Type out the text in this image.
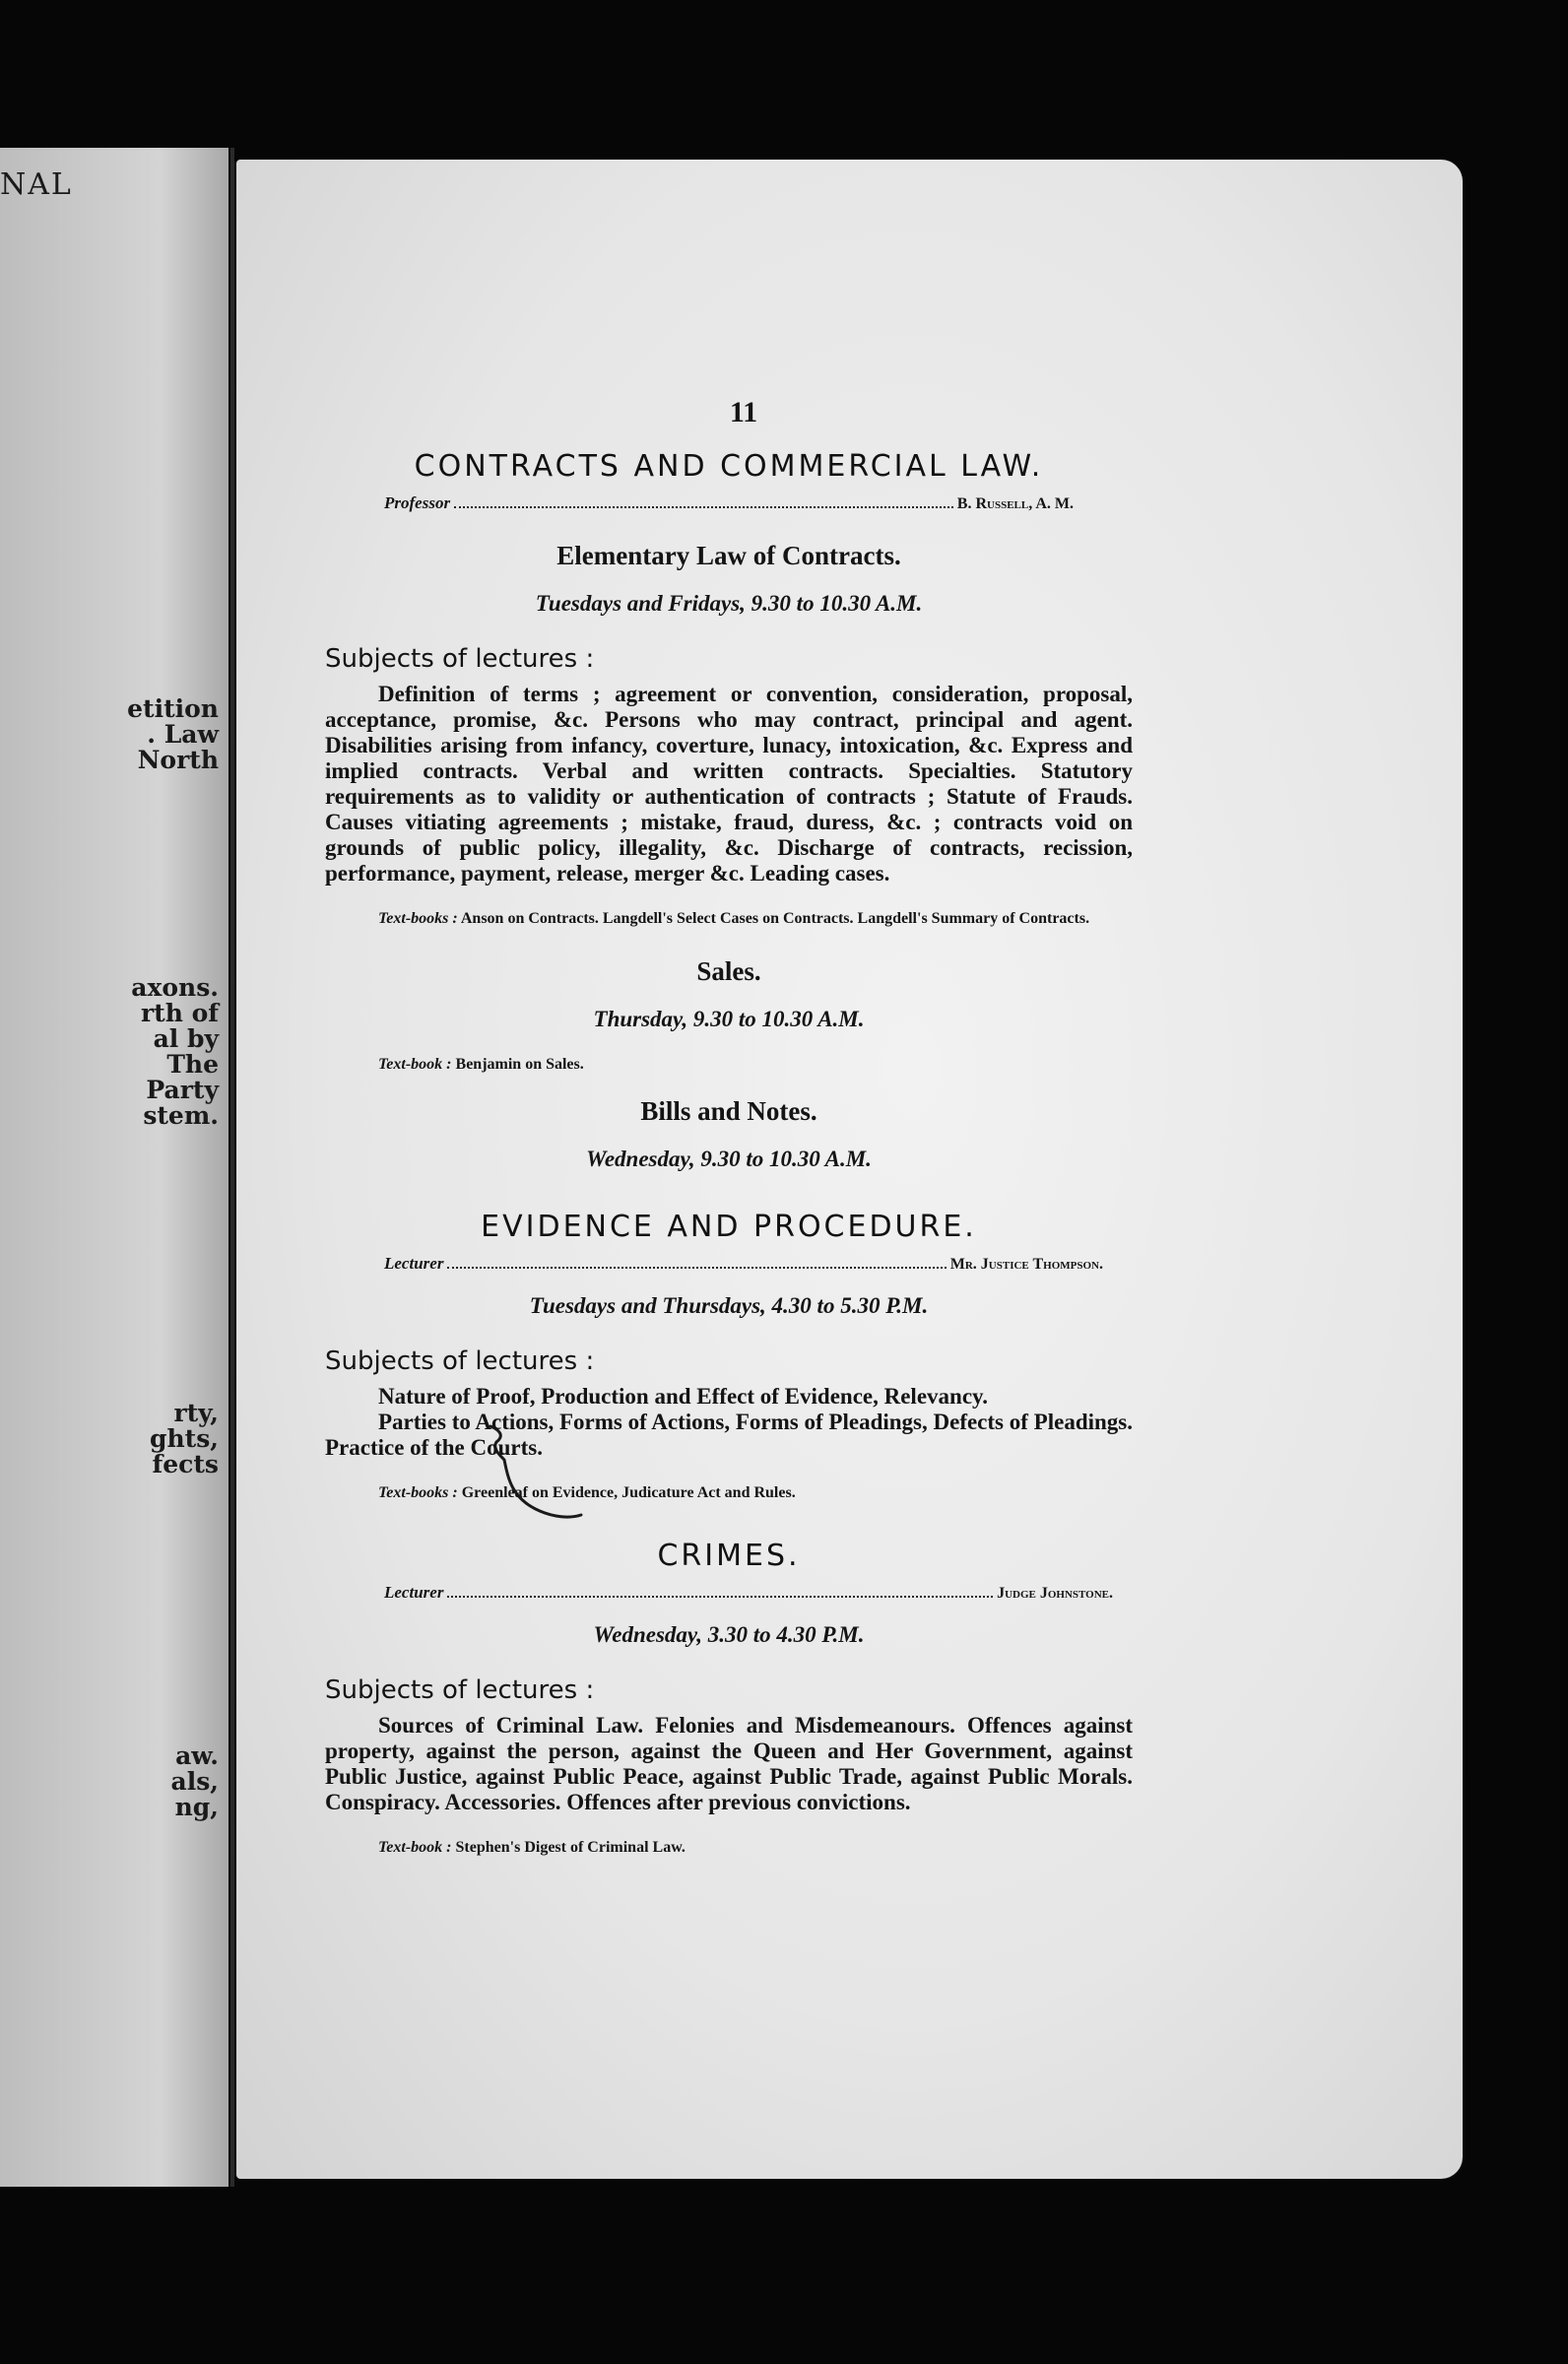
NAL
etition
. Law
North
axons.
rth of
al by
The
Party
stem.
rty,
ghts,
fects
aw.
als,
ng,
11
CONTRACTS AND COMMERCIAL LAW.
Professor	B. Russell, A. M.
Elementary Law of Contracts.
Tuesdays and Fridays, 9.30 to 10.30 A.M.
Subjects of lectures :

Definition of terms ; agreement or convention, consideration, proposal, acceptance, promise, &c. Persons who may contract, principal and agent. Disabilities arising from infancy, coverture, lunacy, intoxication, &c. Express and implied contracts. Verbal and written contracts. Specialties. Statutory requirements as to validity or authentication of contracts ; Statute of Frauds. Causes vitiating agreements ; mistake, fraud, duress, &c. ; contracts void on grounds of public policy, illegality, &c. Discharge of contracts, recission, performance, payment, release, merger &c. Leading cases.

Text-books : Anson on Contracts. Langdell's Select Cases on Contracts. Langdell's Summary of Contracts.

Sales.
Thursday, 9.30 to 10.30 A.M.

Text-book : Benjamin on Sales.

Bills and Notes.
Wednesday, 9.30 to 10.30 A.M.
EVIDENCE AND PROCEDURE.
Lecturer	Mr. Justice Thompson.
Tuesdays and Thursdays, 4.30 to 5.30 P.M.
Subjects of lectures :

Nature of Proof, Production and Effect of Evidence, Relevancy.

Parties to Actions, Forms of Actions, Forms of Pleadings, Defects of Pleadings. Practice of the Courts.

Text-books : Greenleaf on Evidence, Judicature Act and Rules.

CRIMES.
Lecturer	Judge Johnstone.
Wednesday, 3.30 to 4.30 P.M.
Subjects of lectures :

Sources of Criminal Law. Felonies and Misdemeanours. Offences against property, against the person, against the Queen and Her Government, against Public Justice, against Public Peace, against Public Trade, against Public Morals. Conspiracy. Accessories. Offences after previous convictions.

Text-book : Stephen's Digest of Criminal Law.
